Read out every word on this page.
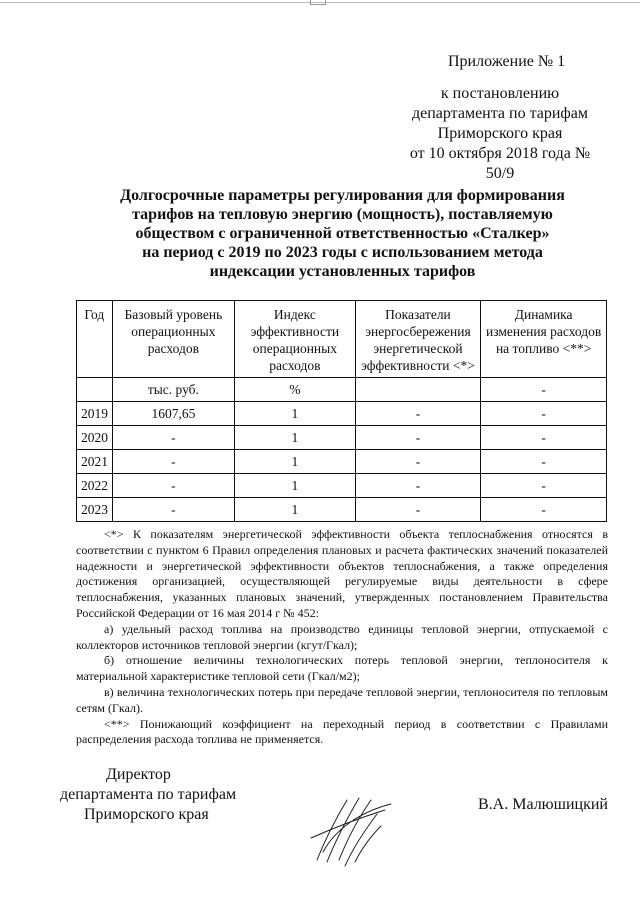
Приложение № 1
к постановлению
департамента по тарифам
Приморского края
от 10 октября 2018 года № 50/9
Долгосрочные параметры регулирования для формирования
тарифов на тепловую энергию (мощность), поставляемую
обществом с ограниченной ответственностью «Сталкер»
на период с 2019 по 2023 годы с использованием метода
индексации установленных тарифов
Год	Базовый уровень операционных расходов	Индекс эффективности операционных расходов	Показатели энергосбережения энергетической эффективности <*>	Динамика изменения расходов на топливо <**>
	тыс. руб.	%		-
2019	1607,65	1	-	-
2020	-	1	-	-
2021	-	1	-	-
2022	-	1	-	-
2023	-	1	-	-

<*> К показателям энергетической эффективности объекта теплоснабжения относятся в соответствии с пунктом 6 Правил определения плановых и расчета фактических значений показателей надежности и энергетической эффективности объектов теплоснабжения, а также определения достижения организацией, осуществляющей регулируемые виды деятельности в сфере теплоснабжения, указанных плановых значений, утвержденных постановлением Правительства Российской Федерации от 16 мая 2014 г № 452:

а) удельный расход топлива на производство единицы тепловой энергии, отпускаемой с коллекторов источников тепловой энергии (кгут/Гкал);

б) отношение величины технологических потерь тепловой энергии, теплоносителя к материальной характеристике тепловой сети (Гкал/м2);

в) величина технологических потерь при передаче тепловой энергии, теплоносителя по тепловым сетям (Гкал).

<**> Понижающий коэффициент на переходный период в соответствии с Правилами распределения расхода топлива не применяется.

Директор
департамента по тарифам
Приморского края
В.А. Малюшицкий
